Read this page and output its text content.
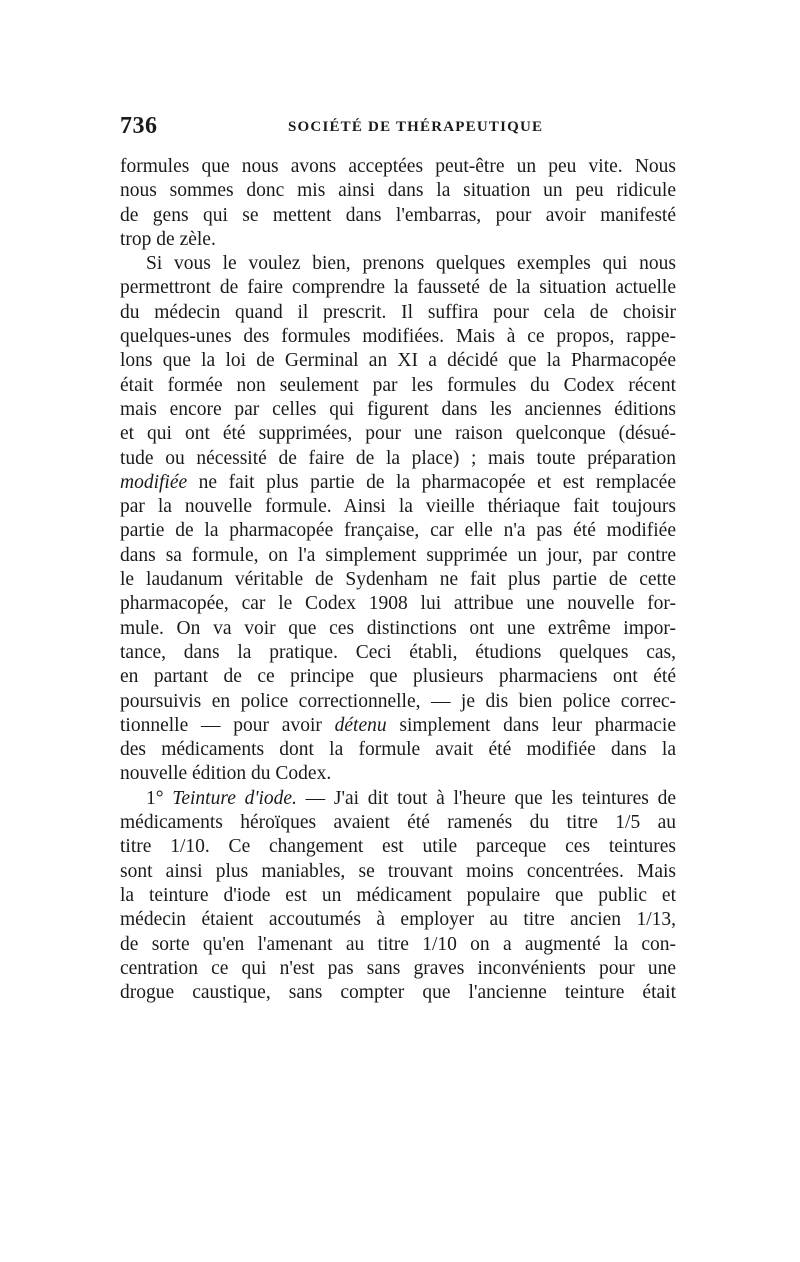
736	SOCIÉTÉ DE THÉRAPEUTIQUE
formules que nous avons acceptées peut-être un peu vite. Nous
nous sommes donc mis ainsi dans la situation un peu ridicule
de gens qui se mettent dans l'embarras, pour avoir manifesté
trop de zèle.
Si vous le voulez bien, prenons quelques exemples qui nous
permettront de faire comprendre la fausseté de la situation actuelle
du médecin quand il prescrit. Il suffira pour cela de choisir
quelques-unes des formules modifiées. Mais à ce propos, rappe-
lons que la loi de Germinal an XI a décidé que la Pharmacopée
était formée non seulement par les formules du Codex récent
mais encore par celles qui figurent dans les anciennes éditions
et qui ont été supprimées, pour une raison quelconque (désué-
tude ou nécessité de faire de la place) ; mais toute préparation
modifiée ne fait plus partie de la pharmacopée et est remplacée
par la nouvelle formule. Ainsi la vieille thériaque fait toujours
partie de la pharmacopée française, car elle n'a pas été modifiée
dans sa formule, on l'a simplement supprimée un jour, par contre
le laudanum véritable de Sydenham ne fait plus partie de cette
pharmacopée, car le Codex 1908 lui attribue une nouvelle for-
mule. On va voir que ces distinctions ont une extrême impor-
tance, dans la pratique. Ceci établi, étudions quelques cas,
en partant de ce principe que plusieurs pharmaciens ont été
poursuivis en police correctionnelle, — je dis bien police correc-
tionnelle — pour avoir détenu simplement dans leur pharmacie
des médicaments dont la formule avait été modifiée dans la
nouvelle édition du Codex.
1° Teinture d'iode. — J'ai dit tout à l'heure que les teintures de
médicaments héroïques avaient été ramenés du titre 1/5 au
titre 1/10. Ce changement est utile parceque ces teintures
sont ainsi plus maniables, se trouvant moins concentrées. Mais
la teinture d'iode est un médicament populaire que public et
médecin étaient accoutumés à employer au titre ancien 1/13,
de sorte qu'en l'amenant au titre 1/10 on a augmenté la con-
centration ce qui n'est pas sans graves inconvénients pour une
drogue caustique, sans compter que l'ancienne teinture était
